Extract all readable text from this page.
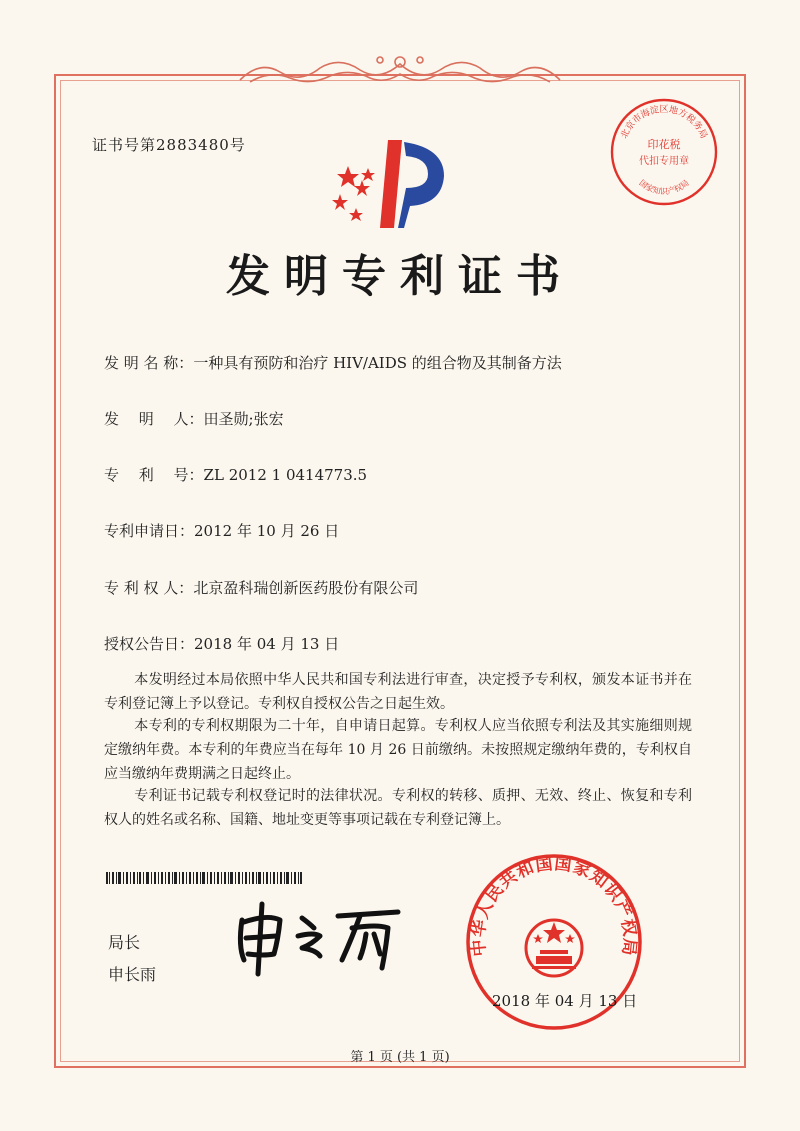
北京市海淀区地方税务局
印花税
代扣专用章
国家知识产权局
证书号第2883480号
发明专利证书
发 明 名 称：一种具有预防和治疗 HIV/AIDS 的组合物及其制备方法
发　 明　 人：田圣勋;张宏
专　 利　 号：ZL 2012 1 0414773.5
专利申请日：2012 年 10 月 26 日
专 利 权 人：北京盈科瑞创新医药股份有限公司
授权公告日：2018 年 04 月 13 日
本发明经过本局依照中华人民共和国专利法进行审查，决定授予专利权，颁发本证书并在专利登记簿上予以登记。专利权自授权公告之日起生效。
本专利的专利权期限为二十年，自申请日起算。专利权人应当依照专利法及其实施细则规定缴纳年费。本专利的年费应当在每年 10 月 26 日前缴纳。未按照规定缴纳年费的，专利权自应当缴纳年费期满之日起终止。
专利证书记载专利权登记时的法律状况。专利权的转移、质押、无效、终止、恢复和专利权人的姓名或名称、国籍、地址变更等事项记载在专利登记簿上。
局长
申长雨
中华人民共和国国家知识产权局
2018 年 04 月 13 日
第 1 页 (共 1 页)
